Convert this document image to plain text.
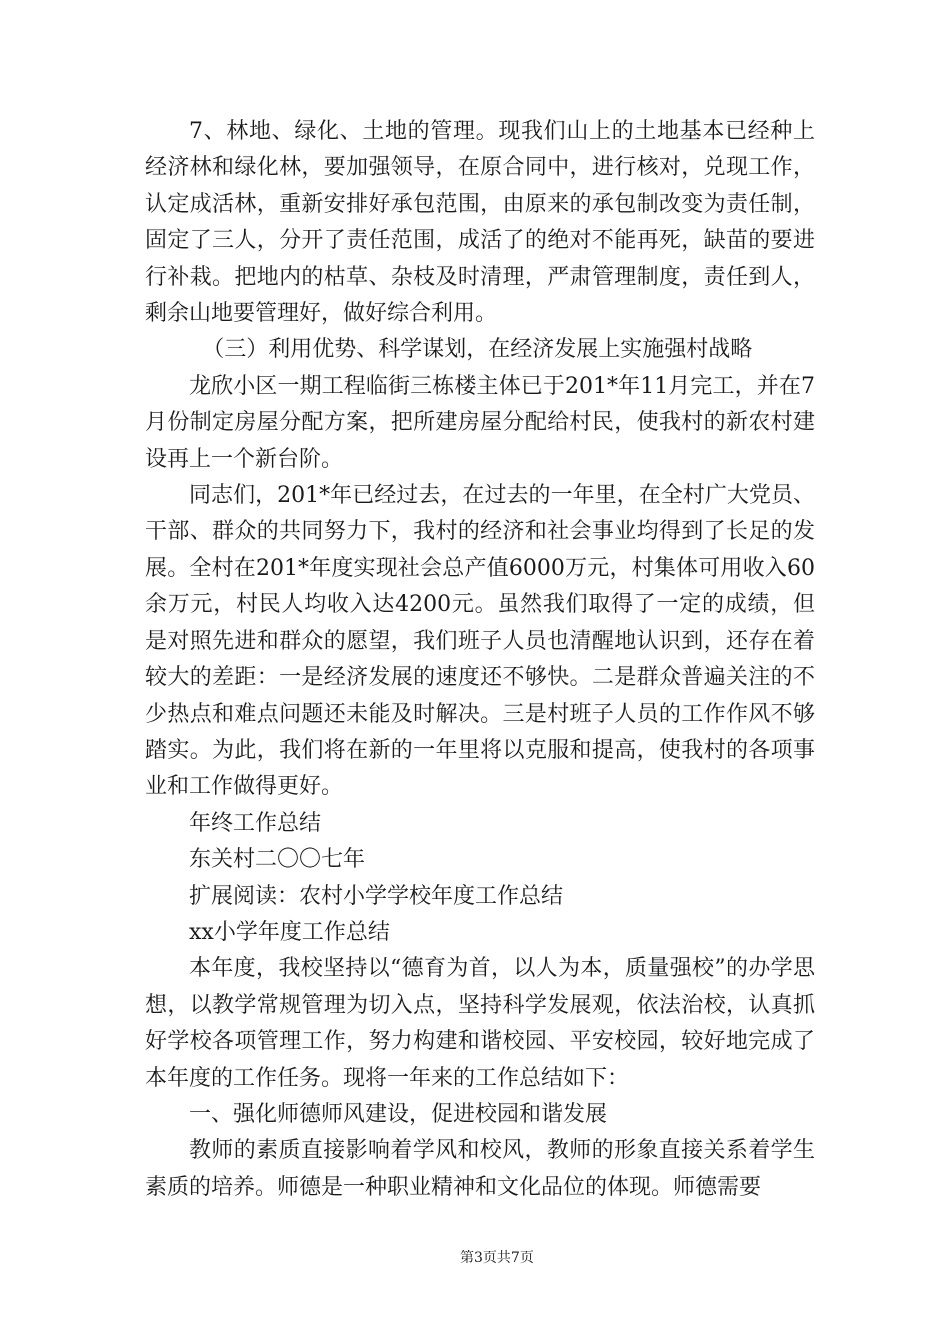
7、林地、绿化、土地的管理。现我们山上的土地基本已经种上经济林和绿化林，要加强领导，在原合同中，进行核对，兑现工作，认定成活林，重新安排好承包范围，由原来的承包制改变为责任制，固定了三人，分开了责任范围，成活了的绝对不能再死，缺苗的要进行补栽。把地内的枯草、杂枝及时清理，严肃管理制度，责任到人，剩余山地要管理好，做好综合利用。

（三）利用优势、科学谋划，在经济发展上实施强村战略

龙欣小区一期工程临街三栋楼主体已于201*年11月完工，并在7月份制定房屋分配方案，把所建房屋分配给村民，使我村的新农村建设再上一个新台阶。

同志们，201*年已经过去，在过去的一年里，在全村广大党员、干部、群众的共同努力下，我村的经济和社会事业均得到了长足的发展。全村在201*年度实现社会总产值6000万元，村集体可用收入60余万元，村民人均收入达4200元。虽然我们取得了一定的成绩，但是对照先进和群众的愿望，我们班子人员也清醒地认识到，还存在着较大的差距：一是经济发展的速度还不够快。二是群众普遍关注的不少热点和难点问题还未能及时解决。三是村班子人员的工作作风不够踏实。为此，我们将在新的一年里将以克服和提高，使我村的各项事业和工作做得更好。

年终工作总结

东关村二〇〇七年

扩展阅读：农村小学学校年度工作总结

xx小学年度工作总结

本年度，我校坚持以“德育为首，以人为本，质量强校”的办学思想，以教学常规管理为切入点，坚持科学发展观，依法治校，认真抓好学校各项管理工作，努力构建和谐校园、平安校园，较好地完成了本年度的工作任务。现将一年来的工作总结如下：

一、强化师德师风建设，促进校园和谐发展

教师的素质直接影响着学风和校风，教师的形象直接关系着学生素质的培养。师德是一种职业精神和文化品位的体现。师德需要

第3页共7页
